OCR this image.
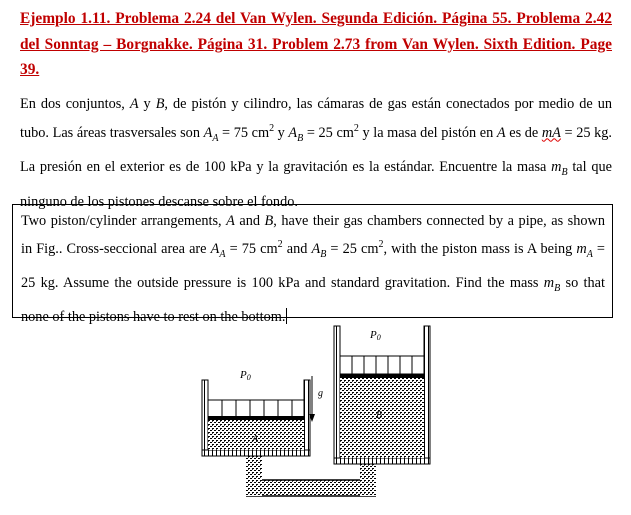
Ejemplo 1.11. Problema 2.24 del Van Wylen. Segunda Edición. Página 55. Problema 2.42 del Sonntag – Borgnakke. Página 31. Problem 2.73 from Van Wylen. Sixth Edition. Page 39.
En dos conjuntos, A y B, de pistón y cilindro, las cámaras de gas están conectados por medio de un tubo. Las áreas trasversales son $A_A = 75$ $cm^2$ y $A_B = 25$ $cm^2$ y la masa del pistón en A es de mA = 25 kg. La presión en el exterior es de 100 kPa y la gravitación es la estándar. Encuentre la masa $m_B$ tal que ninguno de los pistones descanse sobre el fondo.
Two piston/cylinder arrangements, A and B, have their gas chambers connected by a pipe, as shown in Fig.. Cross-seccional area are $A_A = 75$ $cm^2$ and $A_B = 25$ $cm^2$, with the piston mass is A being $m_A = 25$ kg. Assume the outside pressure is 100 kPa and standard gravitation. Find the mass $m_B$ so that none of the pistons have to rest on the bottom.
P0
A
g
P0
B
